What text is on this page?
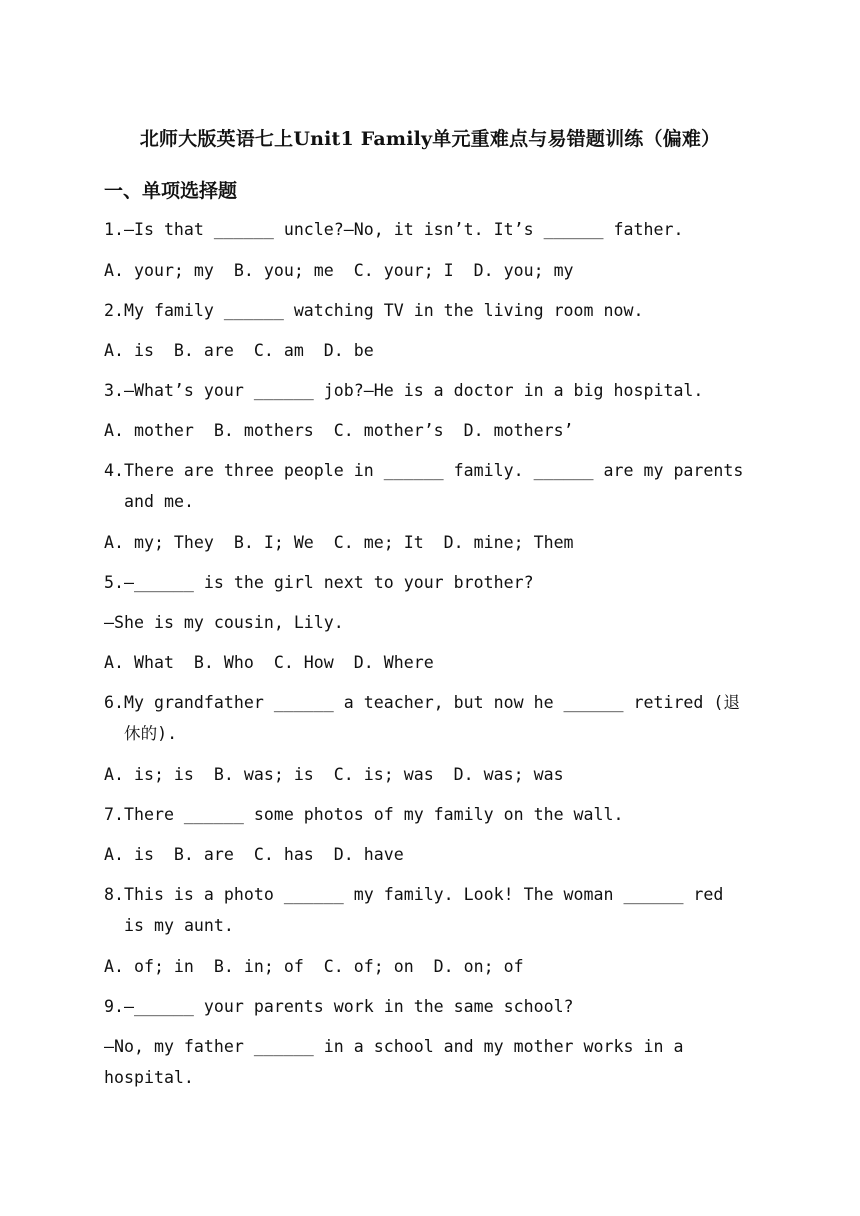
北师大版英语七上Unit1 Family单元重难点与易错题训练（偏难）
一、单项选择题
1.—Is that ______ uncle?—No, it isn’t. It’s ______ father.
A. your; my  B. you; me  C. your; I  D. you; my
2.My family ______ watching TV in the living room now.
A. is  B. are  C. am  D. be
3.—What’s your ______ job?—He is a doctor in a big hospital.
A. mother  B. mothers  C. mother’s  D. mothers’
4.There are three people in ______ family. ______ are my parents
and me.
A. my; They  B. I; We  C. me; It  D. mine; Them
5.—______ is the girl next to your brother?
—She is my cousin, Lily.
A. What  B. Who  C. How  D. Where
6.My grandfather ______ a teacher, but now he ______ retired (退
休的).
A. is; is  B. was; is  C. is; was  D. was; was
7.There ______ some photos of my family on the wall.
A. is  B. are  C. has  D. have
8.This is a photo ______ my family. Look! The woman ______ red
is my aunt.
A. of; in  B. in; of  C. of; on  D. on; of
9.—______ your parents work in the same school?
—No, my father ______ in a school and my mother works in a
hospital.
